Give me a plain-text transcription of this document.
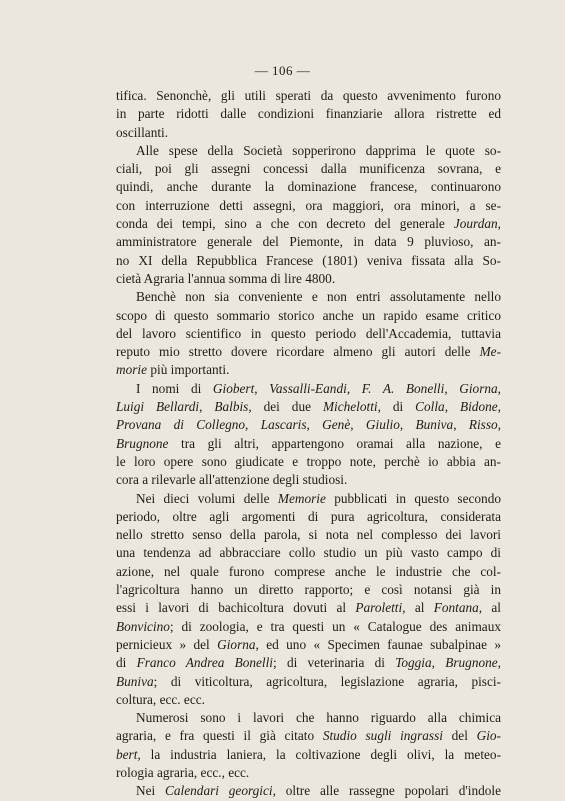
— 106 —
tifica. Senonchè, gli utili sperati da questo avvenimento furono
in parte ridotti dalle condizioni finanziarie allora ristrette ed
oscillanti.
Alle spese della Società sopperirono dapprima le quote so-
ciali, poi gli assegni concessi dalla munificenza sovrana, e
quindi, anche durante la dominazione francese, continuarono
con interruzione detti assegni, ora maggiori, ora minori, a se-
conda dei tempi, sino a che con decreto del generale Jourdan,
amministratore generale del Piemonte, in data 9 pluvioso, an-
no XI della Repubblica Francese (1801) veniva fissata alla So-
cietà Agraria l'annua somma di lire 4800.
Benchè non sia conveniente e non entri assolutamente nello
scopo di questo sommario storico anche un rapido esame critico
del lavoro scientifico in questo periodo dell'Accademia, tuttavia
reputo mio stretto dovere ricordare almeno gli autori delle Me-
morie più importanti.
I nomi di Giobert, Vassalli-Eandi, F. A. Bonelli, Giorna,
Luigi Bellardi, Balbis, dei due Michelotti, di Colla, Bidone,
Provana di Collegno, Lascaris, Genè, Giulio, Buniva, Risso,
Brugnone tra gli altri, appartengono oramai alla nazione, e
le loro opere sono giudicate e troppo note, perchè io abbia an-
cora a rilevarle all'attenzione degli studiosi.
Nei dieci volumi delle Memorie pubblicati in questo secondo
periodo, oltre agli argomenti di pura agricoltura, considerata
nello stretto senso della parola, si nota nel complesso dei lavori
una tendenza ad abbracciare collo studio un più vasto campo di
azione, nel quale furono comprese anche le industrie che col-
l'agricoltura hanno un diretto rapporto; e così notansi già in
essi i lavori di bachicoltura dovuti al Paroletti, al Fontana, al
Bonvicino; di zoologia, e tra questi un « Catalogue des animaux
pernicieux » del Giorna, ed uno « Specimen faunae subalpinae »
di Franco Andrea Bonelli; di veterinaria di Toggia, Brugnone,
Buniva; di viticoltura, agricoltura, legislazione agraria, pisci-
coltura, ecc. ecc.
Numerosi sono i lavori che hanno riguardo alla chimica
agraria, e fra questi il già citato Studio sugli ingrassi del Gio-
bert, la industria laniera, la coltivazione degli olivi, la meteo-
rologia agraria, ecc., ecc.
Nei Calendari georgici, oltre alle rassegne popolari d'indole
